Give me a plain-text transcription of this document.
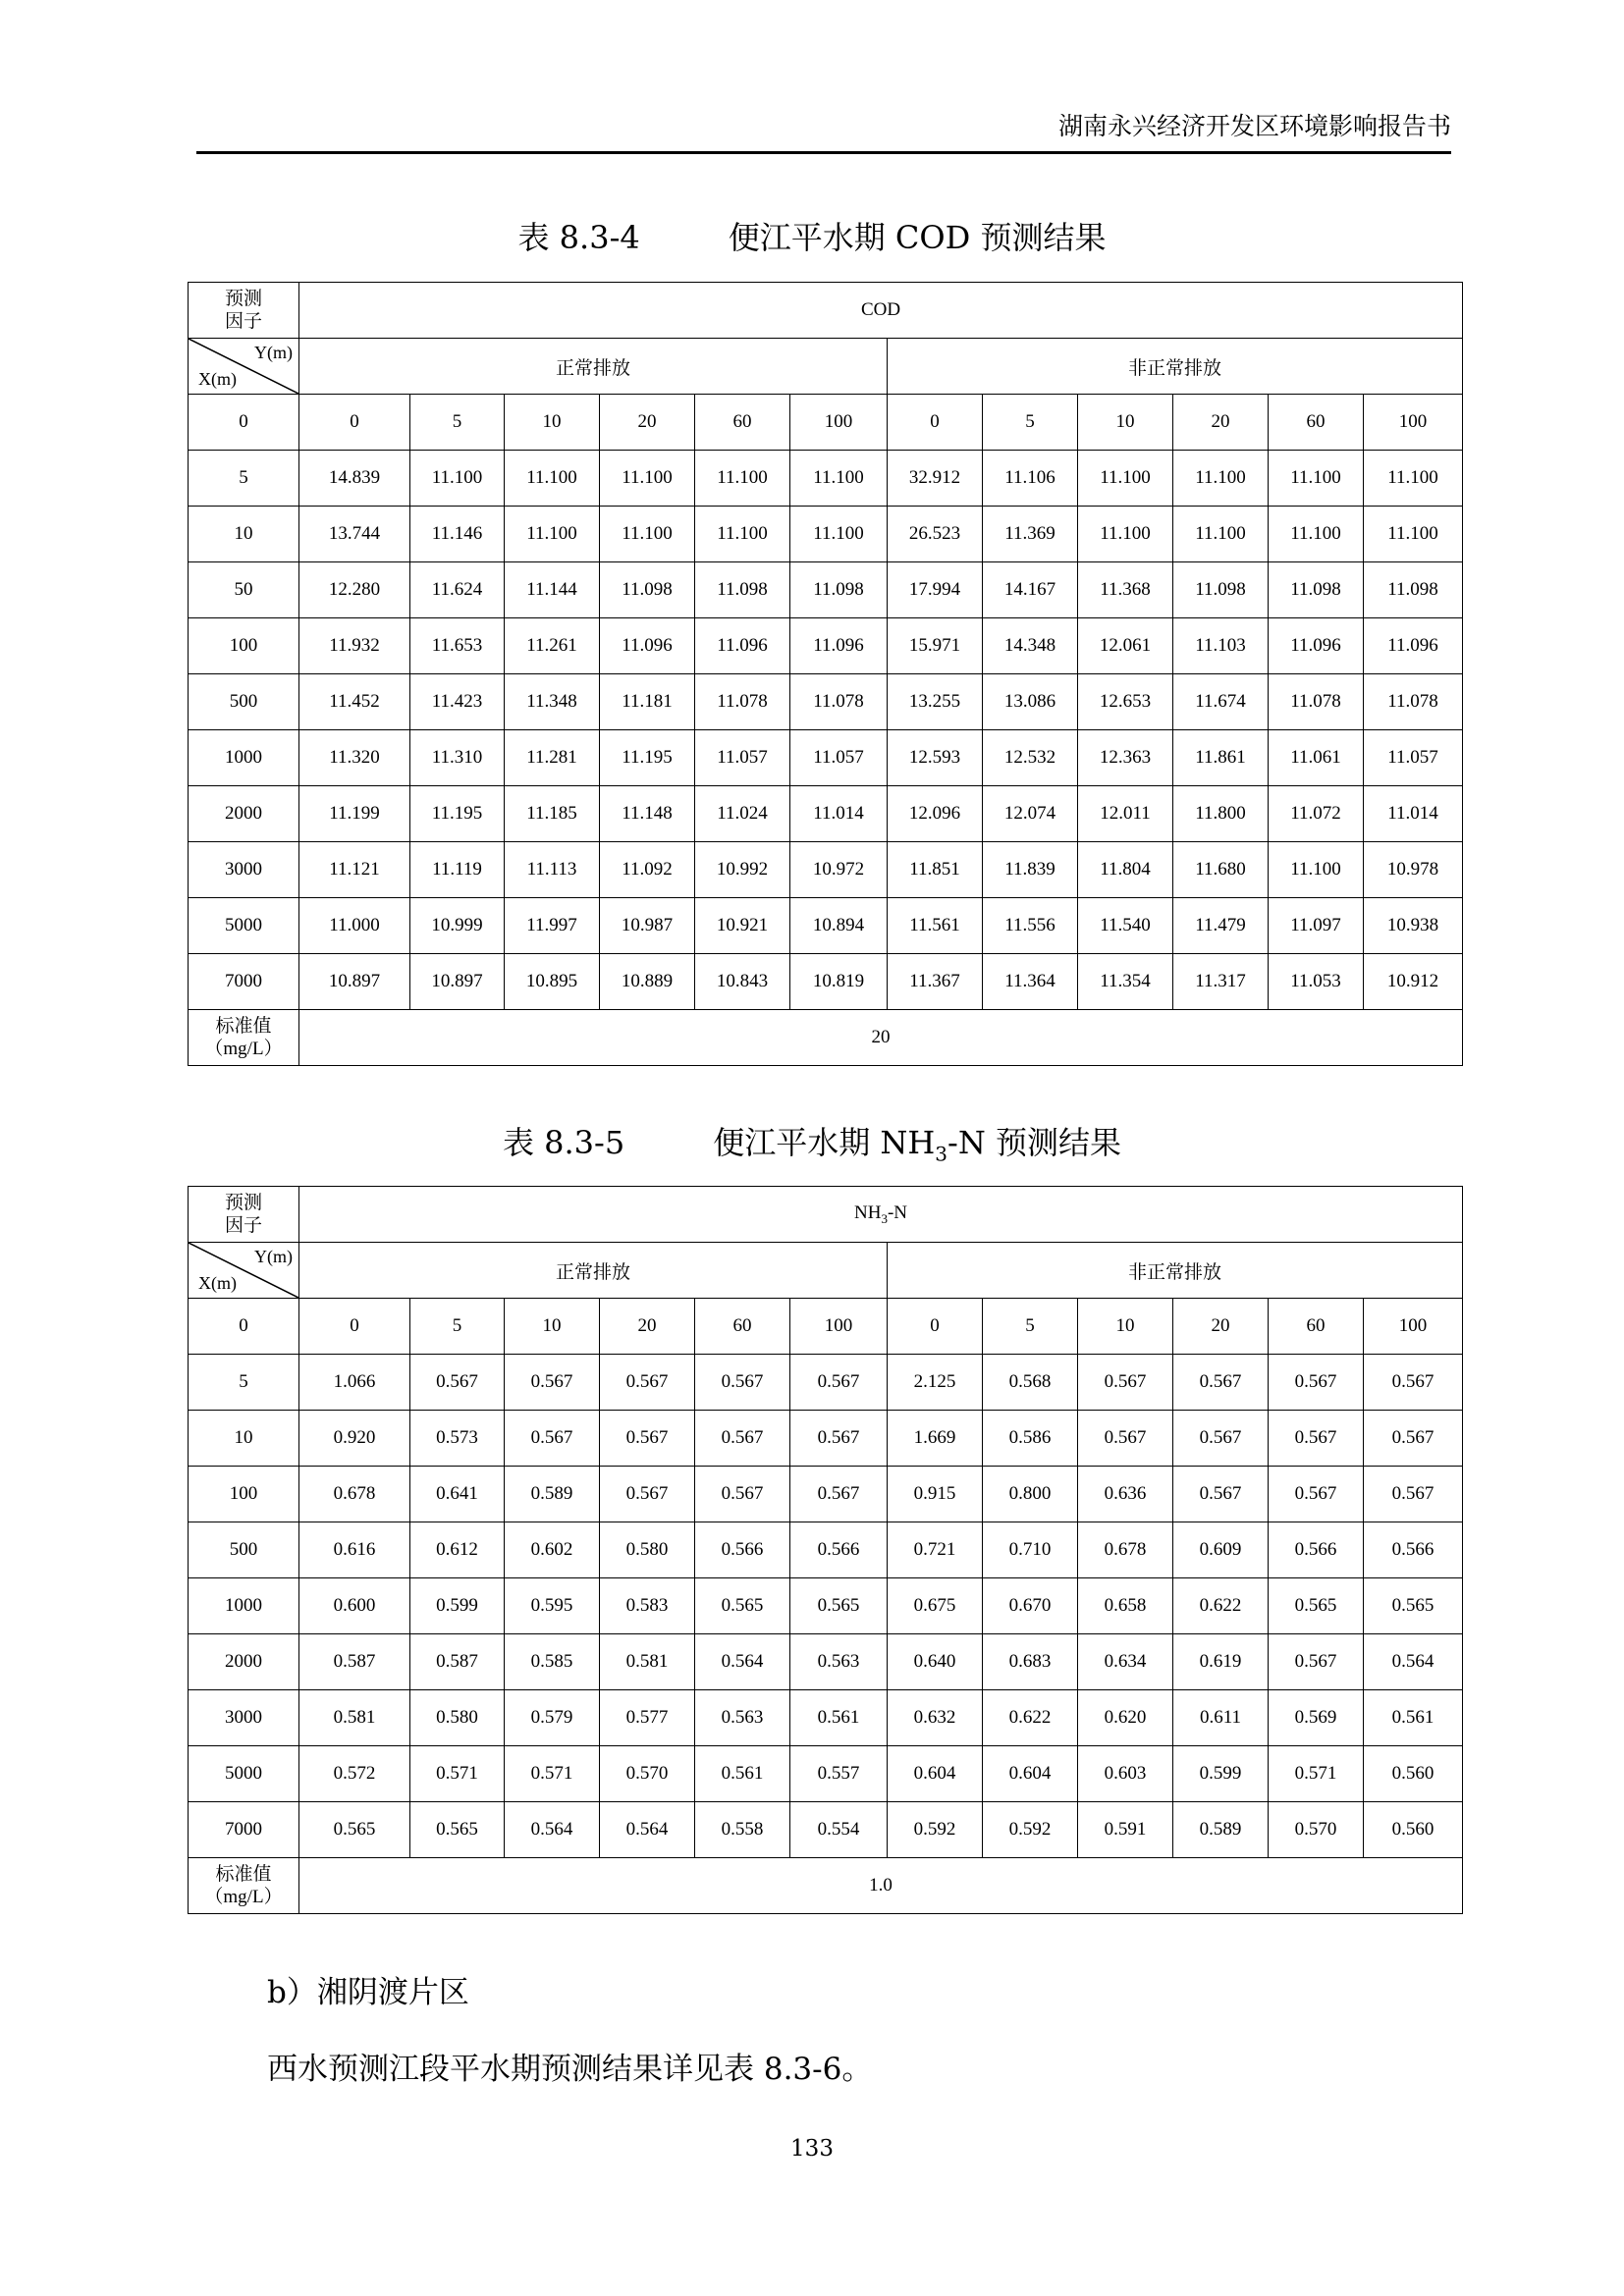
湖南永兴经济开发区环境影响报告书
表 8.3-4	便江平水期 COD 预测结果
预测
因子	COD											

Y(m)
X(m)	正常排放						非正常排放					
0	0	5	10	20	60	100	0	5	10	20	60	100
5	14.839	11.100	11.100	11.100	11.100	11.100	32.912	11.106	11.100	11.100	11.100	11.100
10	13.744	11.146	11.100	11.100	11.100	11.100	26.523	11.369	11.100	11.100	11.100	11.100
50	12.280	11.624	11.144	11.098	11.098	11.098	17.994	14.167	11.368	11.098	11.098	11.098
100	11.932	11.653	11.261	11.096	11.096	11.096	15.971	14.348	12.061	11.103	11.096	11.096
500	11.452	11.423	11.348	11.181	11.078	11.078	13.255	13.086	12.653	11.674	11.078	11.078
1000	11.320	11.310	11.281	11.195	11.057	11.057	12.593	12.532	12.363	11.861	11.061	11.057
2000	11.199	11.195	11.185	11.148	11.024	11.014	12.096	12.074	12.011	11.800	11.072	11.014
3000	11.121	11.119	11.113	11.092	10.992	10.972	11.851	11.839	11.804	11.680	11.100	10.978
5000	11.000	10.999	11.997	10.987	10.921	10.894	11.561	11.556	11.540	11.479	11.097	10.938
7000	10.897	10.897	10.895	10.889	10.843	10.819	11.367	11.364	11.354	11.317	11.053	10.912

标准值
（mg/L）	20											
表 8.3-5	便江平水期 $NH_3-N$ 预测结果
预测
因子	$NH_3-N$											

Y(m)
X(m)	正常排放						非正常排放					
0	0	5	10	20	60	100	0	5	10	20	60	100
5	1.066	0.567	0.567	0.567	0.567	0.567	2.125	0.568	0.567	0.567	0.567	0.567
10	0.920	0.573	0.567	0.567	0.567	0.567	1.669	0.586	0.567	0.567	0.567	0.567
100	0.678	0.641	0.589	0.567	0.567	0.567	0.915	0.800	0.636	0.567	0.567	0.567
500	0.616	0.612	0.602	0.580	0.566	0.566	0.721	0.710	0.678	0.609	0.566	0.566
1000	0.600	0.599	0.595	0.583	0.565	0.565	0.675	0.670	0.658	0.622	0.565	0.565
2000	0.587	0.587	0.585	0.581	0.564	0.563	0.640	0.683	0.634	0.619	0.567	0.564
3000	0.581	0.580	0.579	0.577	0.563	0.561	0.632	0.622	0.620	0.611	0.569	0.561
5000	0.572	0.571	0.571	0.570	0.561	0.557	0.604	0.604	0.603	0.599	0.571	0.560
7000	0.565	0.565	0.564	0.564	0.558	0.554	0.592	0.592	0.591	0.589	0.570	0.560

标准值
（mg/L）	1.0											
b）湘阴渡片区
西水预测江段平水期预测结果详见表 8.3-6。
133
